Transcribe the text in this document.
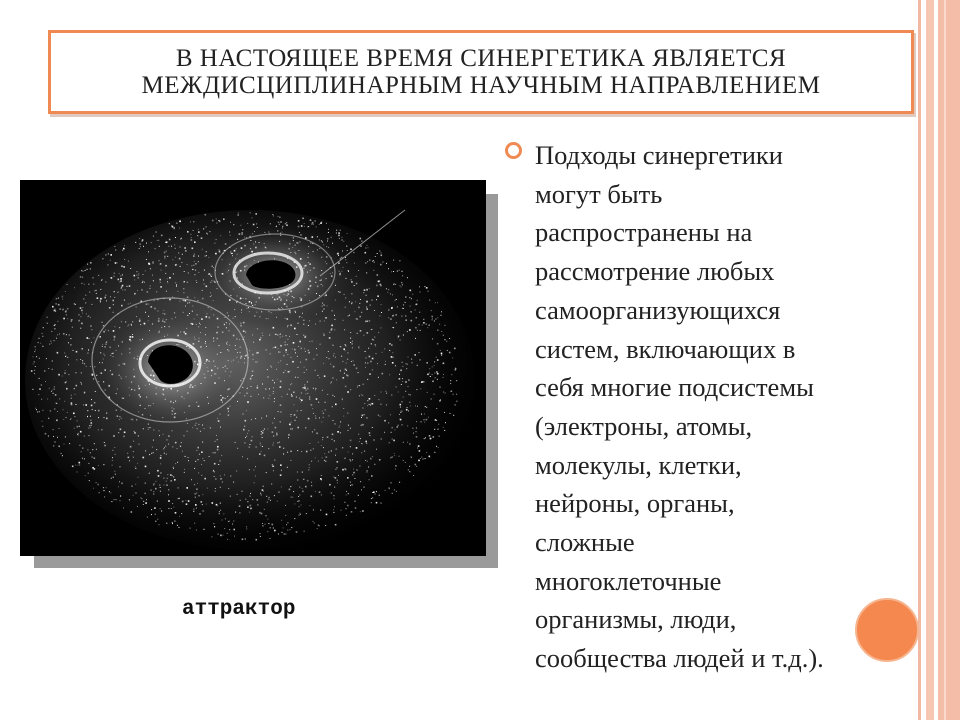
В НАСТОЯЩЕЕ ВРЕМЯ СИНЕРГЕТИКА ЯВЛЯЕТСЯ
МЕЖДИСЦИПЛИНАРНЫМ НАУЧНЫМ НАПРАВЛЕНИЕМ
аттрактор
Подходы синергетики
могут быть
распространены на
рассмотрение любых
самоорганизующихся
систем, включающих в
себя многие подсистемы
(электроны, атомы,
молекулы, клетки,
нейроны, органы,
сложные
многоклеточные
организмы, люди,
сообщества людей и т.д.).
